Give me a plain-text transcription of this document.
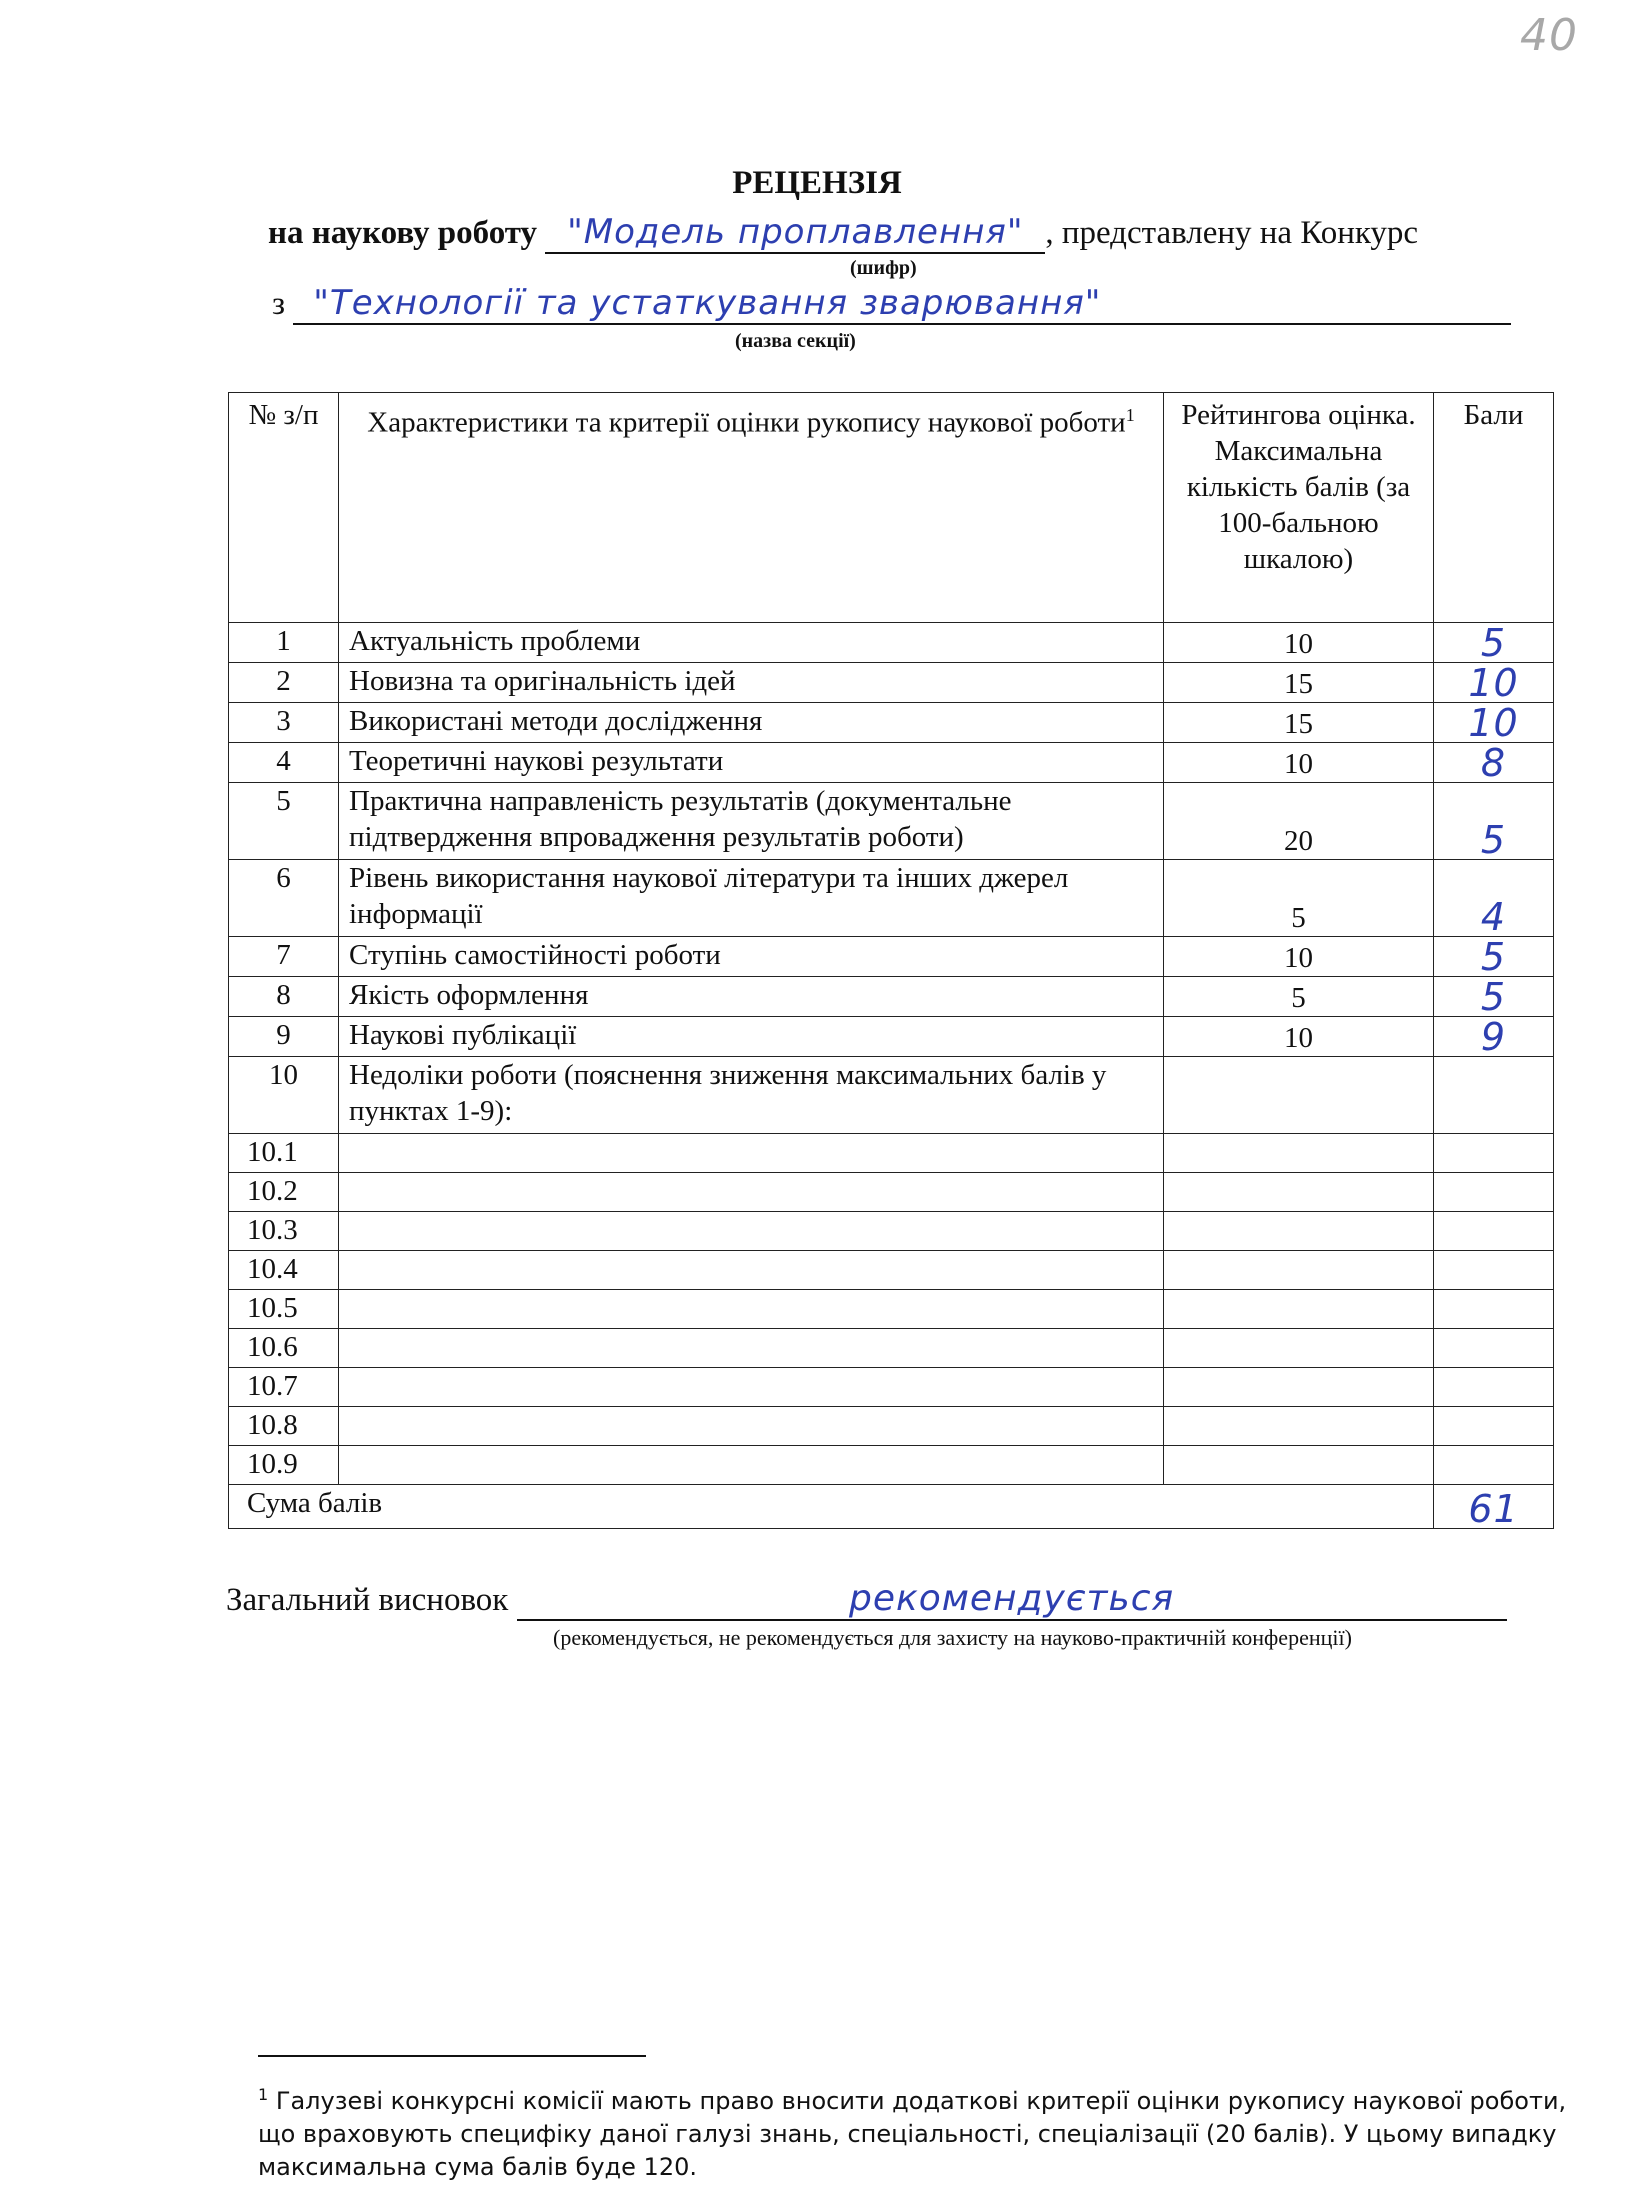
40
РЕЦЕНЗІЯ
на наукову роботу "Модель проплавлення" , представлену на Конкурс
(шифр)
з "Технології та устаткування зварювання"
(назва секції)
№ з/п	Характеристики та критерії оцінки рукопису наукової роботи$^1$	Рейтингова оцінка. Максимальна кількість балів (за 100-бальною шкалою)	Бали
1	Актуальність проблеми	10	5
2	Новизна та оригінальність ідей	15	10
3	Використані методи дослідження	15	10
4	Теоретичні наукові результати	10	8
5	Практична направленість результатів (документальне підтвердження впровадження результатів роботи)	20	5
6	Рівень використання наукової літератури та інших джерел інформації	5	4
7	Ступінь самостійності роботи	10	5
8	Якість оформлення	5	5
9	Наукові публікації	10	9
10	Недоліки роботи (пояснення зниження максимальних балів у пунктах 1-9):		
10.1			
10.2			
10.3			
10.4			
10.5			
10.6			
10.7			
10.8			
10.9			
Сума балів			61
Загальний висновок	рекомендується
(рекомендується, не рекомендується для захисту на науково-практичній конференції)
$^1$ Галузеві конкурсні комісії мають право вносити додаткові критерії оцінки рукопису наукової роботи, що враховують специфіку даної галузі знань, спеціальності, спеціалізації (20 балів). У цьому випадку максимальна сума балів буде 120.
